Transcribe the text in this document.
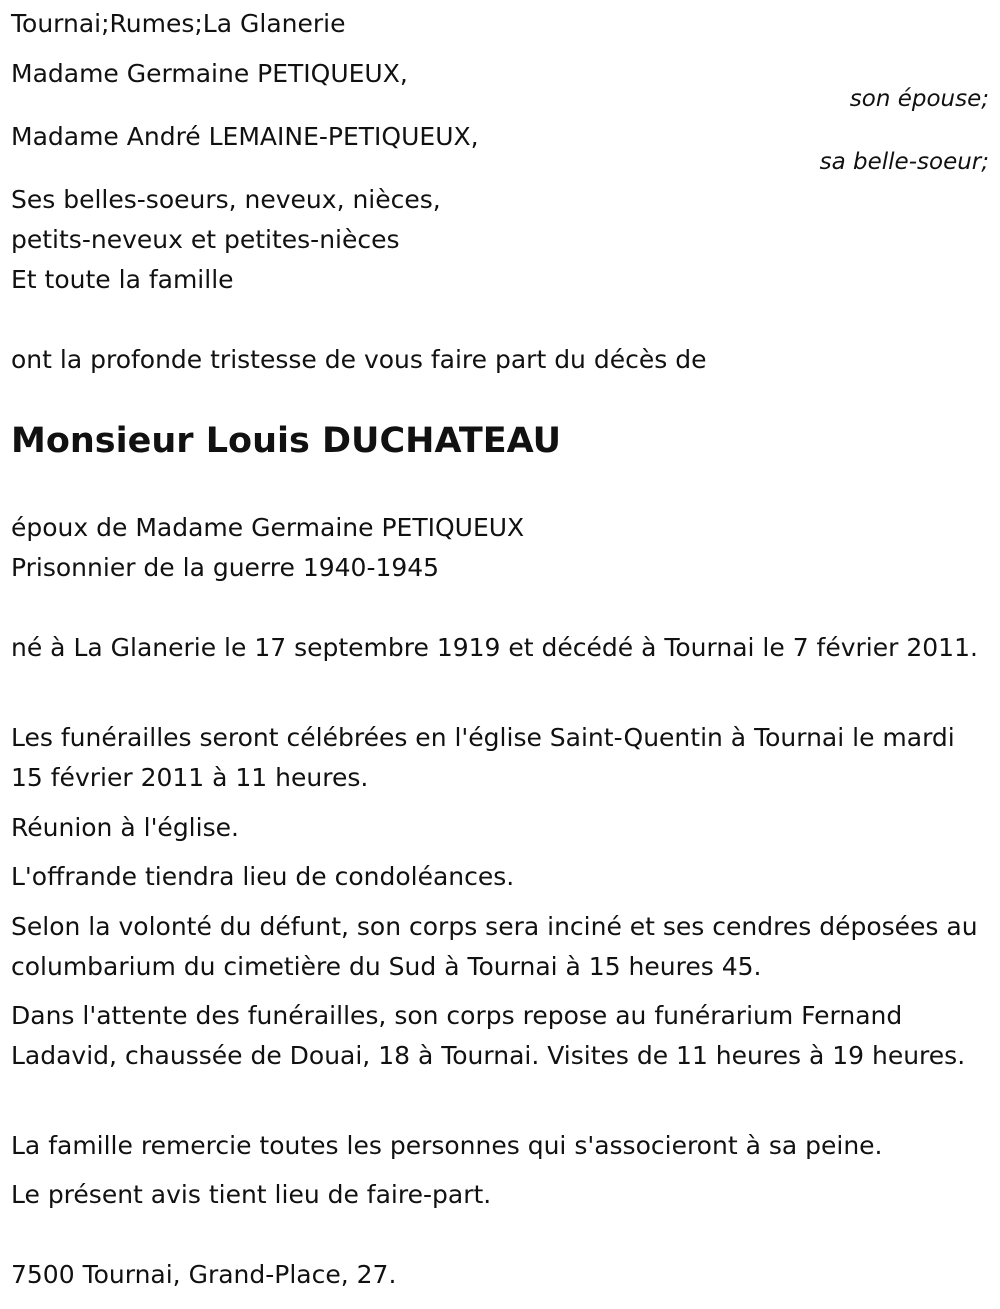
Tournai;Rumes;La Glanerie
Madame Germaine PETIQUEUX,
son épouse;
Madame André LEMAINE-PETIQUEUX,
sa belle-soeur;
Ses belles-soeurs, neveux, nièces,
petits-neveux et petites-nièces
Et toute la famille
ont la profonde tristesse de vous faire part du décès de
Monsieur Louis DUCHATEAU
époux de Madame Germaine PETIQUEUX
Prisonnier de la guerre 1940-1945
né à La Glanerie le 17 septembre 1919 et décédé à Tournai le 7 février 2011.
Les funérailles seront célébrées en l'église Saint-Quentin à Tournai le mardi 15 février 2011 à 11 heures.
Réunion à l'église.
L'offrande tiendra lieu de condoléances.
Selon la volonté du défunt, son corps sera inciné et ses cendres déposées au columbarium du cimetière du Sud à Tournai à 15 heures 45.
Dans l'attente des funérailles, son corps repose au funérarium Fernand Ladavid, chaussée de Douai, 18 à Tournai. Visites de 11 heures à 19 heures.
La famille remercie toutes les personnes qui s'associeront à sa peine.
Le présent avis tient lieu de faire-part.
7500 Tournai, Grand-Place, 27.
